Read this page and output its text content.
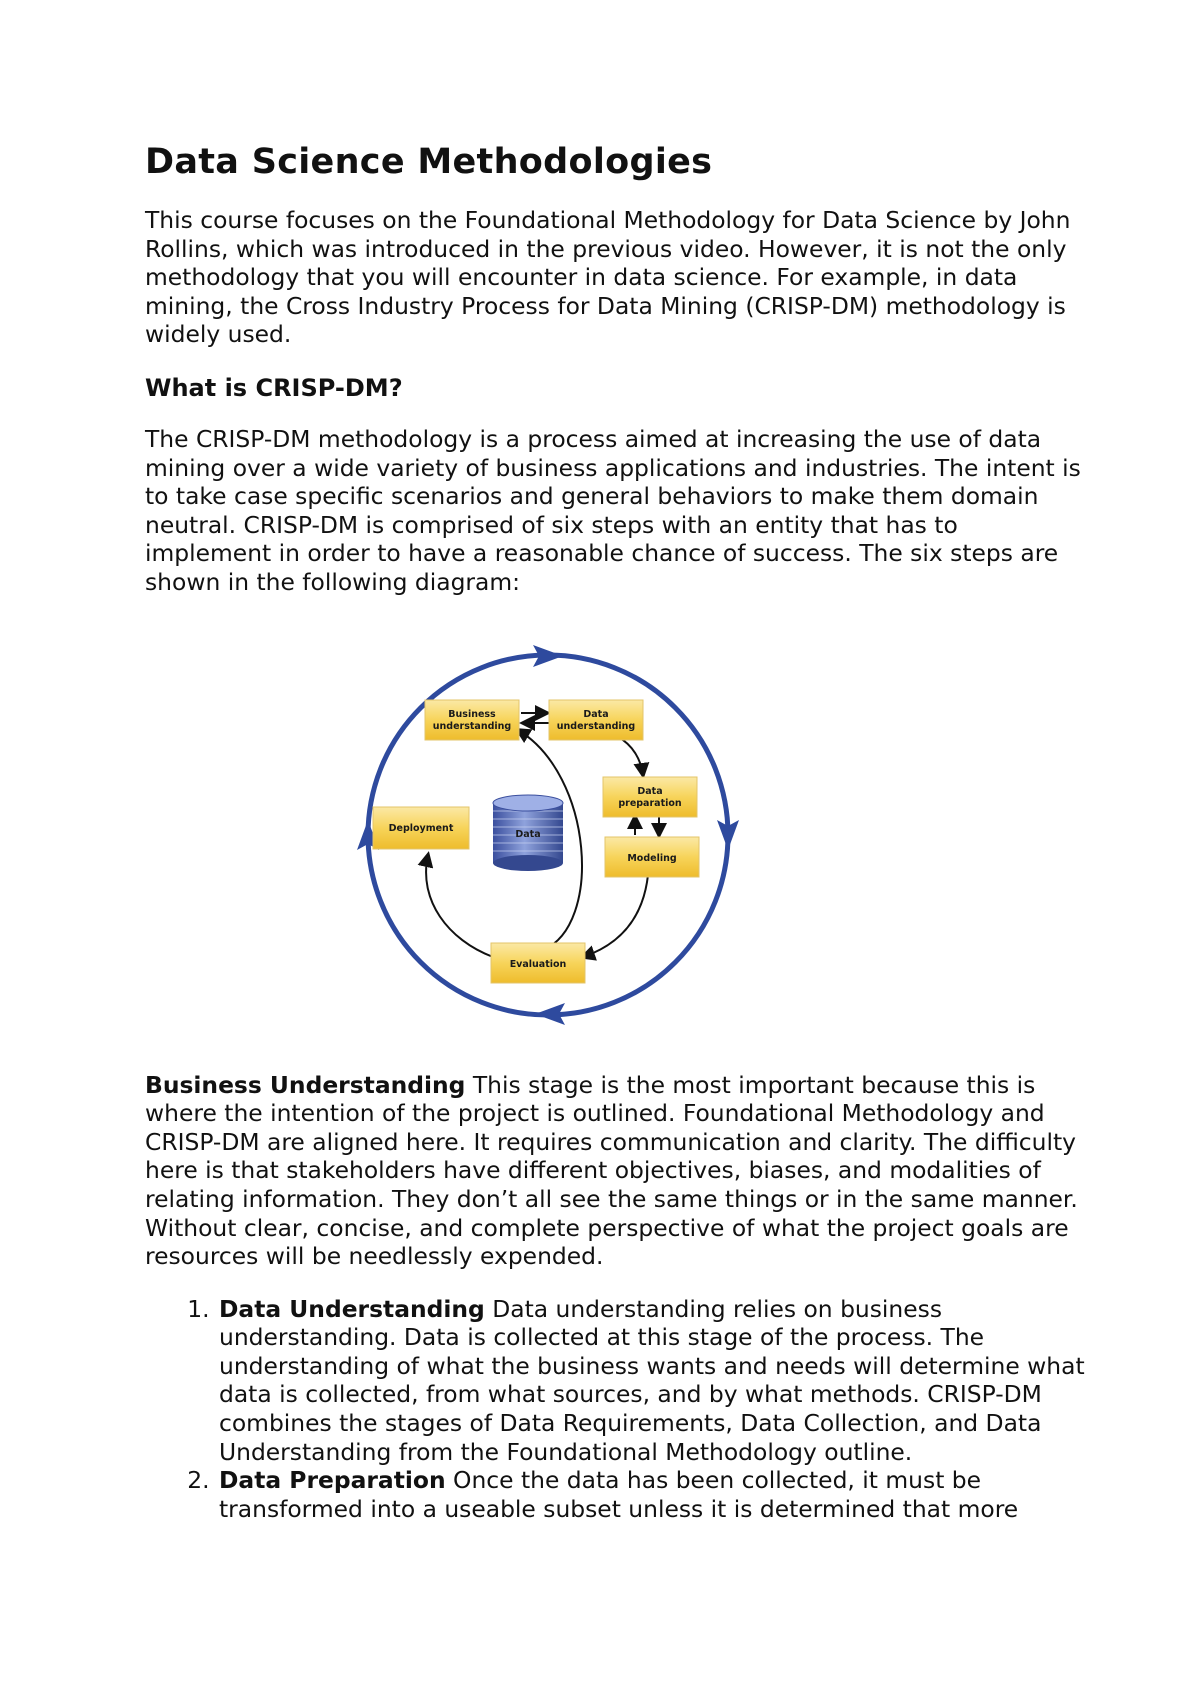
Data Science Methodologies

This course focuses on the Foundational Methodology for Data Science by John Rollins, which was introduced in the previous video. However, it is not the only methodology that you will encounter in data science. For example, in data mining, the Cross Industry Process for Data Mining (CRISP-DM) methodology is widely used.

What is CRISP-DM?

The CRISP-DM methodology is a process aimed at increasing the use of data mining over a wide variety of business applications and industries. The intent is to take case specific scenarios and general behaviors to make them domain neutral. CRISP-DM is comprised of six steps with an entity that has to implement in order to have a reasonable chance of success. The six steps are shown in the following diagram:

Business
understanding
Data
understanding
Data
preparation
Modeling
Deployment
Evaluation
Data

Business Understanding This stage is the most important because this is where the intention of the project is outlined. Foundational Methodology and CRISP-DM are aligned here. It requires communication and clarity. The difficulty here is that stakeholders have different objectives, biases, and modalities of relating information. They don’t all see the same things or in the same manner. Without clear, concise, and complete perspective of what the project goals are resources will be needlessly expended.

1. Data Understanding Data understanding relies on business understanding. Data is collected at this stage of the process. The understanding of what the business wants and needs will determine what data is collected, from what sources, and by what methods. CRISP-DM combines the stages of Data Requirements, Data Collection, and Data Understanding from the Foundational Methodology outline.
2. Data Preparation Once the data has been collected, it must be transformed into a useable subset unless it is determined that more
